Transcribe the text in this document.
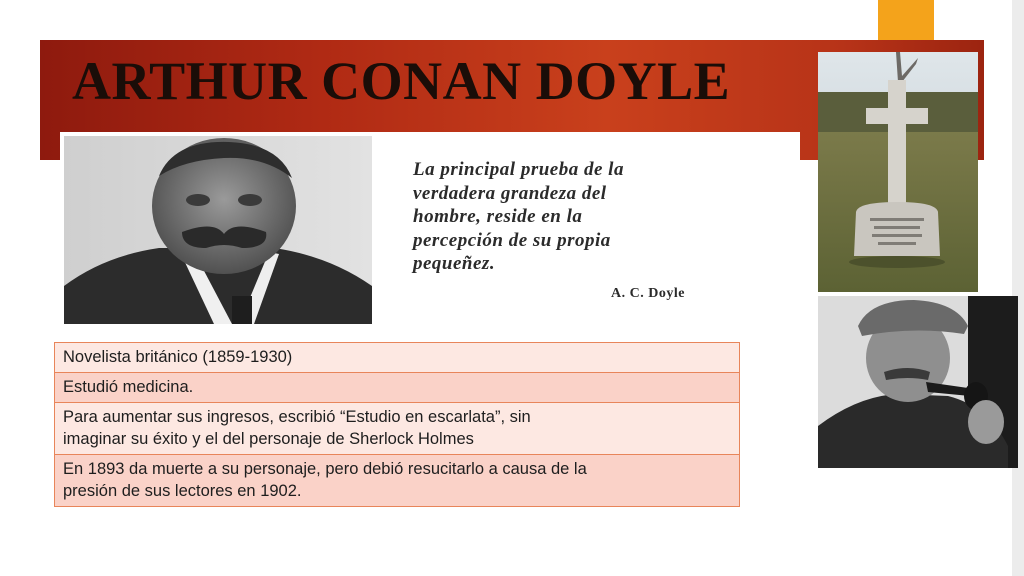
ARTHUR CONAN DOYLE
La principal prueba de la
verdadera grandeza del
hombre, reside en la
percepción de su propia
pequeñez.
A. C. Doyle
Novelista británico (1859-1930)
Estudió medicina.
Para aumentar sus ingresos, escribió “Estudio en escarlata”, sin
imaginar su éxito y el del personaje de Sherlock Holmes
En 1893 da muerte a su personaje, pero debió resucitarlo a causa de la
presión de sus lectores en 1902.
